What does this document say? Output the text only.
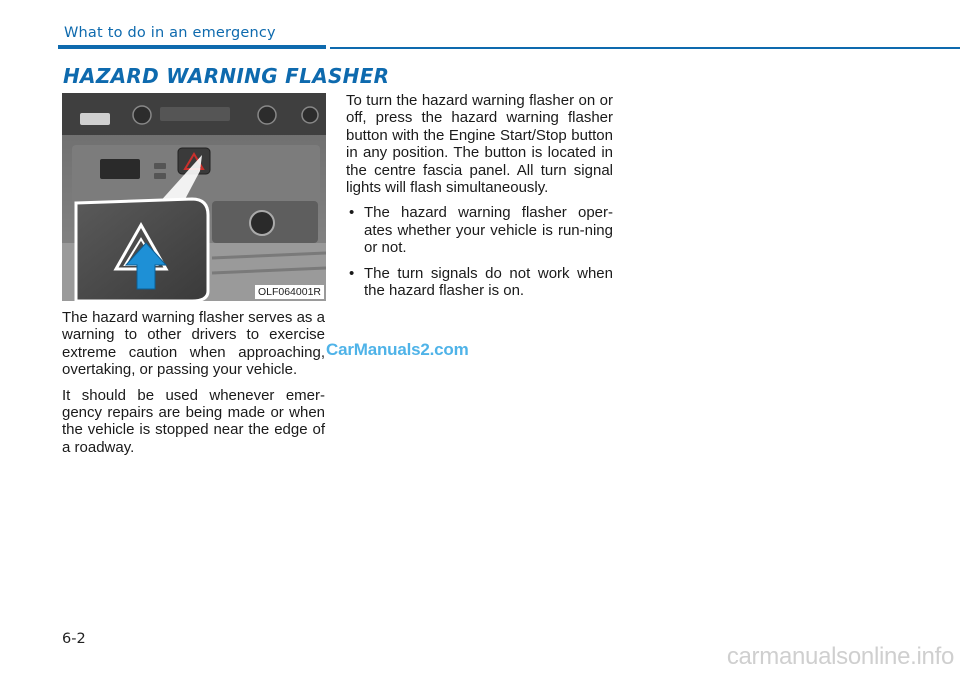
What to do in an emergency
HAZARD WARNING FLASHER
OLF064001R

The hazard warning flasher serves as a warning to other drivers to exercise extreme caution when approaching, overtaking, or passing your vehicle.

It should be used whenever emer-gency repairs are being made or when the vehicle is stopped near the edge of a roadway.

To turn the hazard warning flasher on or off, press the hazard warning flasher button with the Engine Start/Stop button in any position. The button is located in the centre fascia panel. All turn signal lights will flash simultaneously.

• The hazard warning flasher oper-ates whether your vehicle is run-ning or not.
• The turn signals do not work when the hazard flasher is on.
CarManuals2.com
6-2
carmanualsonline.info
